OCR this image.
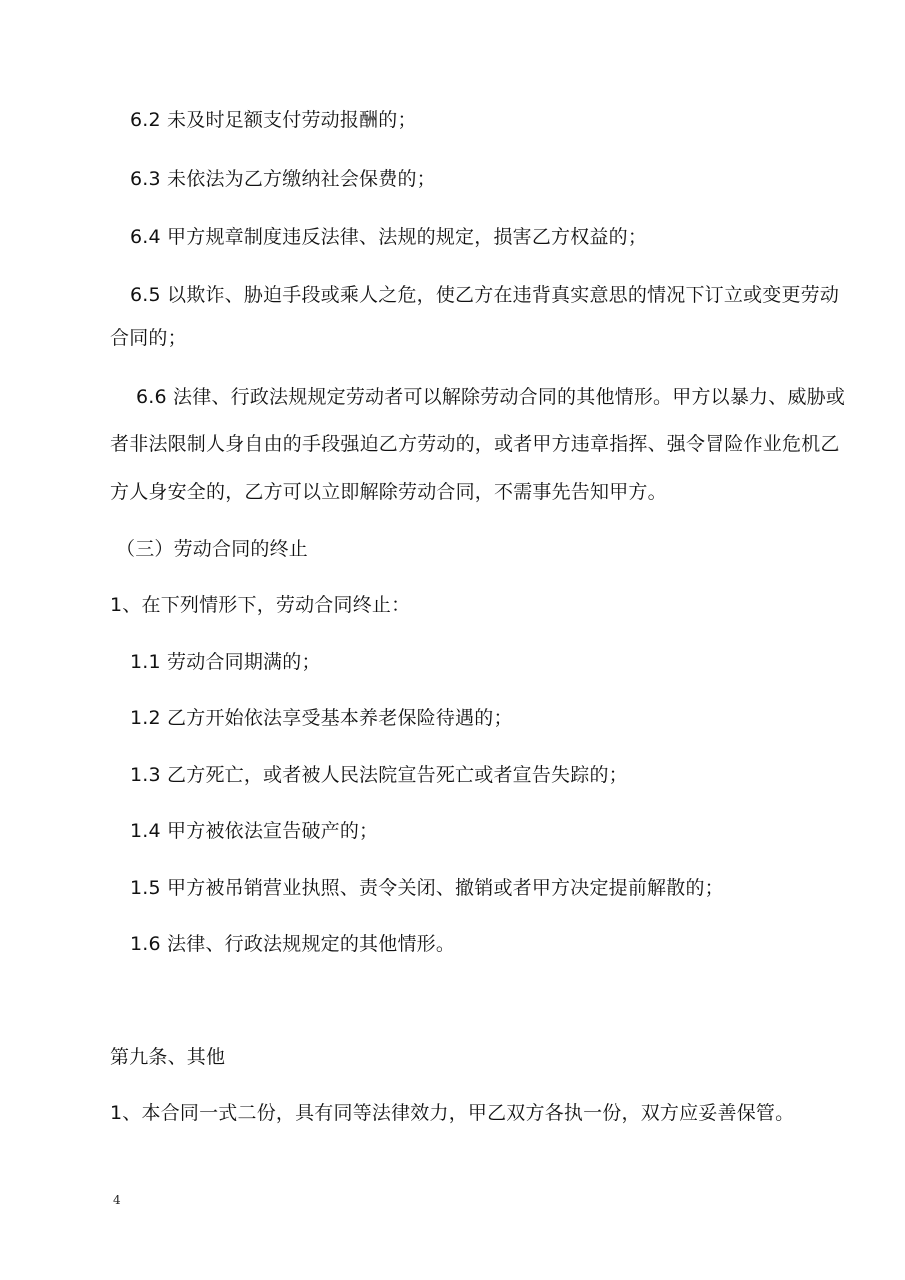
6.2 未及时足额支付劳动报酬的；
6.3 未依法为乙方缴纳社会保费的；
6.4 甲方规章制度违反法律、法规的规定，损害乙方权益的；
6.5 以欺诈、胁迫手段或乘人之危，使乙方在违背真实意思的情况下订立或变更劳动
合同的；
6.6 法律、行政法规规定劳动者可以解除劳动合同的其他情形。甲方以暴力、威胁或
者非法限制人身自由的手段强迫乙方劳动的，或者甲方违章指挥、强令冒险作业危机乙
方人身安全的，乙方可以立即解除劳动合同，不需事先告知甲方。
（三）劳动合同的终止
1、在下列情形下，劳动合同终止：
1.1 劳动合同期满的；
1.2 乙方开始依法享受基本养老保险待遇的；
1.3 乙方死亡，或者被人民法院宣告死亡或者宣告失踪的；
1.4 甲方被依法宣告破产的；
1.5 甲方被吊销营业执照、责令关闭、撤销或者甲方决定提前解散的；
1.6 法律、行政法规规定的其他情形。
第九条、其他
1、本合同一式二份，具有同等法律效力，甲乙双方各执一份，双方应妥善保管。
4
